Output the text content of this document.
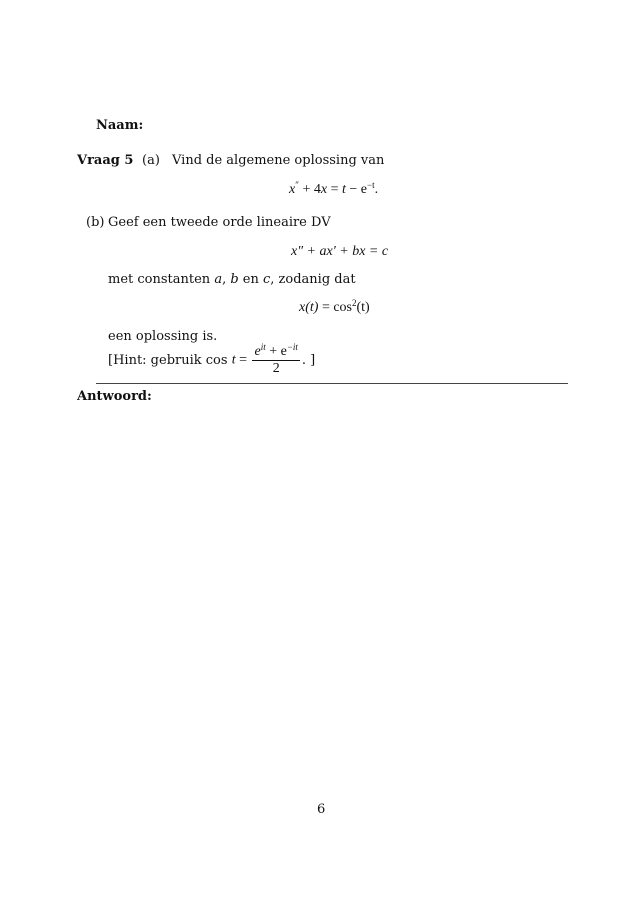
Naam:
Vraag 5 (a) Vind de algemene oplossing van
$x'' + 4x = t - e^{-t}$.
(b) Geef een tweede orde lineaire DV
x″ + ax′ + bx = c
met constanten a, b en c, zodanig dat
$x(t) = \cos^2(t)$
een oplossing is.
[Hint: gebruik $\cos t = \frac{e^{it} + e^{-it}}{2}$ . ]
Antwoord:
6
